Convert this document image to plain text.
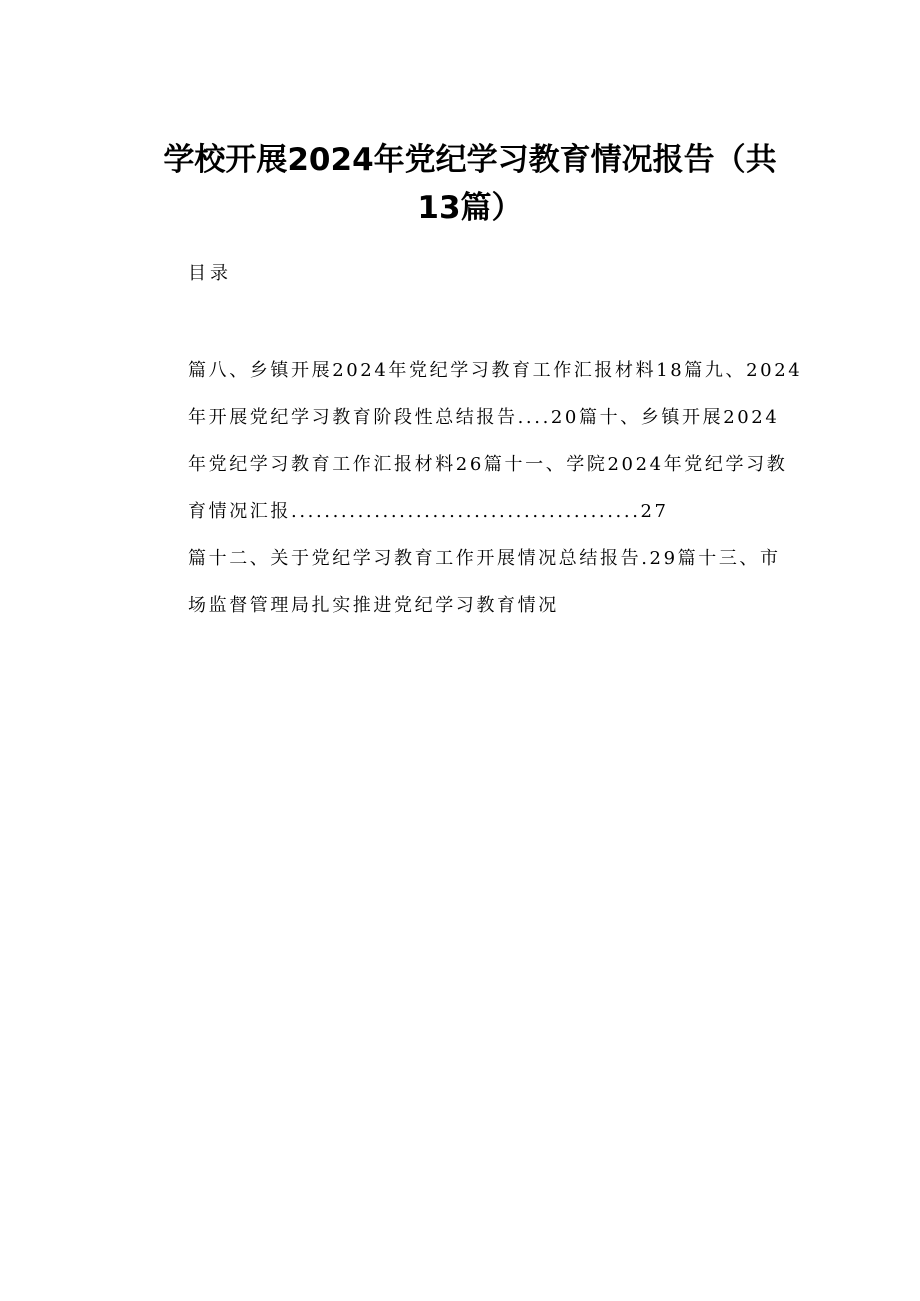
学校开展2024年党纪学习教育情况报告（共
13篇）
目录
篇八、乡镇开展2024年党纪学习教育工作汇报材料18篇九、2024
年开展党纪学习教育阶段性总结报告....20篇十、乡镇开展2024
年党纪学习教育工作汇报材料26篇十一、学院2024年党纪学习教
育情况汇报..........................................27
篇十二、关于党纪学习教育工作开展情况总结报告.29篇十三、市
场监督管理局扎实推进党纪学习教育情况
